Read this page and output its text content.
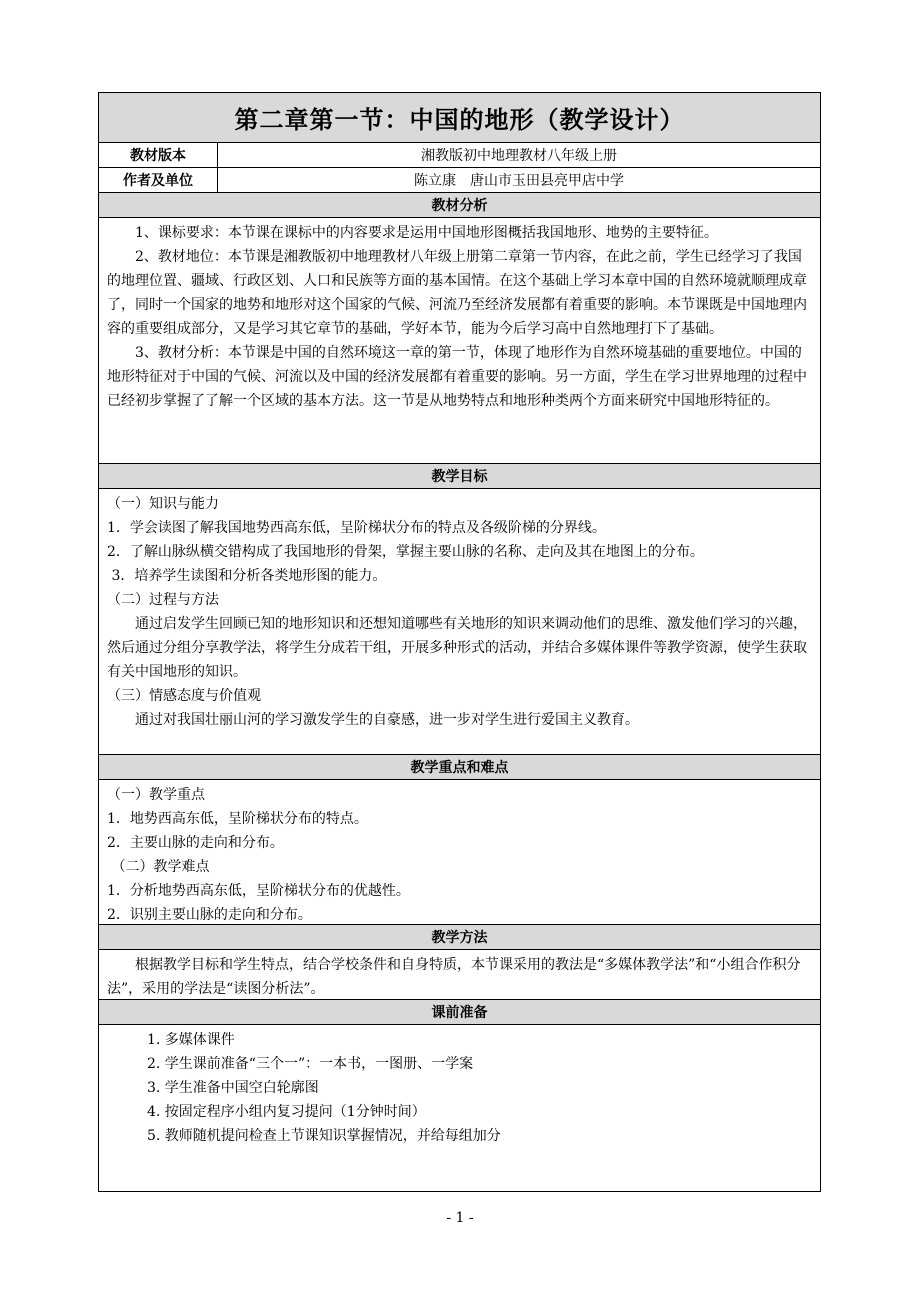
第二章第一节：中国的地形（教学设计）
教材版本	湘教版初中地理教材八年级上册
作者及单位	陈立康　唐山市玉田县亮甲店中学
教材分析

1、课标要求：本节课在课标中的内容要求是运用中国地形图概括我国地形、地势的主要特征。

2、教材地位：本节课是湘教版初中地理教材八年级上册第二章第一节内容，在此之前，学生已经学习了我国的地理位置、疆域、行政区划、人口和民族等方面的基本国情。在这个基础上学习本章中国的自然环境就顺理成章了，同时一个国家的地势和地形对这个国家的气候、河流乃至经济发展都有着重要的影响。本节课既是中国地理内容的重要组成部分，又是学习其它章节的基础，学好本节，能为今后学习高中自然地理打下了基础。

3、教材分析：本节课是中国的自然环境这一章的第一节，体现了地形作为自然环境基础的重要地位。中国的地形特征对于中国的气候、河流以及中国的经济发展都有着重要的影响。另一方面，学生在学习世界地理的过程中已经初步掌握了了解一个区域的基本方法。这一节是从地势特点和地形种类两个方面来研究中国地形特征的。

教学目标

（一）知识与能力

1．学会读图了解我国地势西高东低，呈阶梯状分布的特点及各级阶梯的分界线。

2．了解山脉纵横交错构成了我国地形的骨架，掌握主要山脉的名称、走向及其在地图上的分布。

3．培养学生读图和分析各类地形图的能力。

（二）过程与方法

通过启发学生回顾已知的地形知识和还想知道哪些有关地形的知识来调动他们的思维、激发他们学习的兴趣，然后通过分组分享教学法，将学生分成若干组，开展多种形式的活动，并结合多媒体课件等教学资源，使学生获取有关中国地形的知识。

（三）情感态度与价值观

通过对我国壮丽山河的学习激发学生的自豪感，进一步对学生进行爱国主义教育。

教学重点和难点

（一）教学重点

1．地势西高东低，呈阶梯状分布的特点。

2．主要山脉的走向和分布。

（二）教学难点

1．分析地势西高东低，呈阶梯状分布的优越性。

2．识别主要山脉的走向和分布。

教学方法

根据教学目标和学生特点，结合学校条件和自身特质，本节课采用的教法是“多媒体教学法”和“小组合作积分法”，采用的学法是“读图分析法”。

课前准备
1. 多媒体课件
2. 学生课前准备“三个一”：一本书，一图册、一学案
3. 学生准备中国空白轮廓图
4. 按固定程序小组内复习提问（1分钟时间）
5. 教师随机提问检查上节课知识掌握情况，并给每组加分
- 1 -
